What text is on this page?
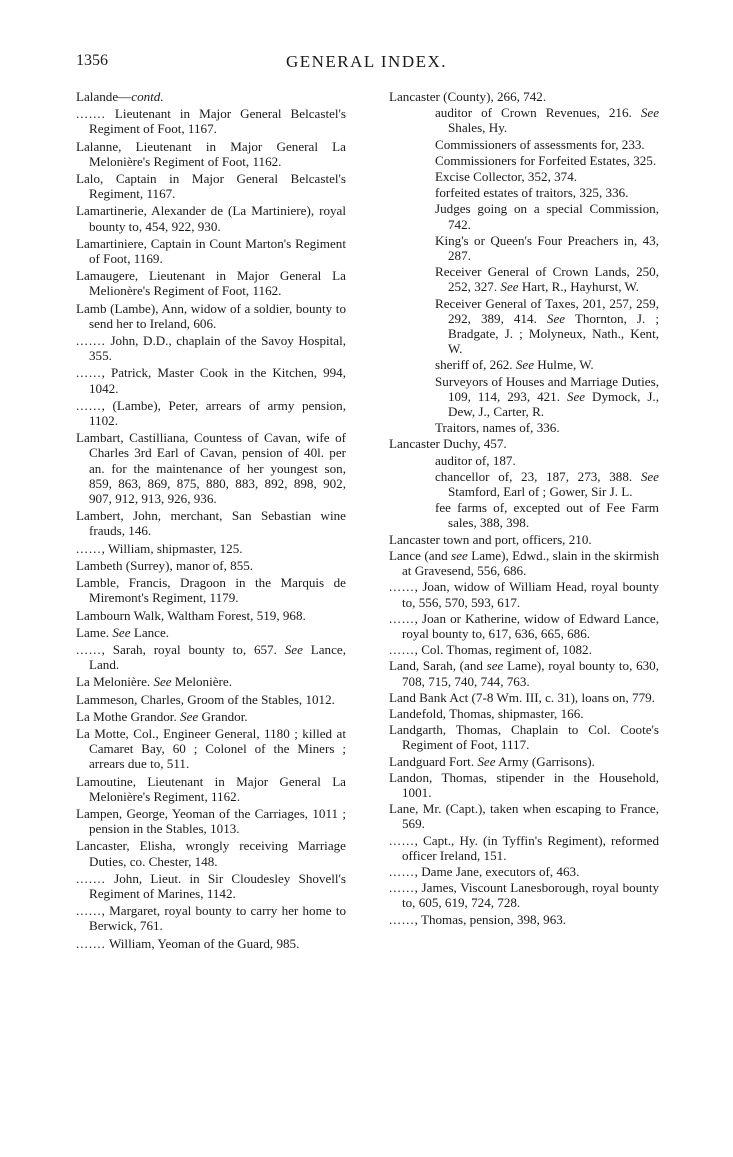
1356	GENERAL INDEX.
Lalande—contd.
....... Lieutenant in Major General Belcastel's Regiment of Foot, 1167.
Lalanne, Lieutenant in Major General La Melonière's Regiment of Foot, 1162.
Lalo, Captain in Major General Belcastel's Regiment, 1167.
Lamartinerie, Alexander de (La Martiniere), royal bounty to, 454, 922, 930.
Lamartiniere, Captain in Count Marton's Regiment of Foot, 1169.
Lamaugere, Lieutenant in Major General La Melionère's Regiment of Foot, 1162.
Lamb (Lambe), Ann, widow of a soldier, bounty to send her to Ireland, 606.
....... John, D.D., chaplain of the Savoy Hospital, 355.
......, Patrick, Master Cook in the Kitchen, 994, 1042.
......, (Lambe), Peter, arrears of army pension, 1102.
Lambart, Castilliana, Countess of Cavan, wife of Charles 3rd Earl of Cavan, pension of 40l. per an. for the maintenance of her youngest son, 859, 863, 869, 875, 880, 883, 892, 898, 902, 907, 912, 913, 926, 936.
Lambert, John, merchant, San Sebastian wine frauds, 146.
......, William, shipmaster, 125.
Lambeth (Surrey), manor of, 855.
Lamble, Francis, Dragoon in the Marquis de Miremont's Regiment, 1179.
Lambourn Walk, Waltham Forest, 519, 968.
Lame. See Lance.
......, Sarah, royal bounty to, 657. See Lance, Land.
La Melonière. See Melonière.
Lammeson, Charles, Groom of the Stables, 1012.
La Mothe Grandor. See Grandor.
La Motte, Col., Engineer General, 1180 ; killed at Camaret Bay, 60 ; Colonel of the Miners ; arrears due to, 511.
Lamoutine, Lieutenant in Major General La Melonière's Regiment, 1162.
Lampen, George, Yeoman of the Carriages, 1011 ; pension in the Stables, 1013.
Lancaster, Elisha, wrongly receiving Marriage Duties, co. Chester, 148.
....... John, Lieut. in Sir Cloudesley Shovell's Regiment of Marines, 1142.
......, Margaret, royal bounty to carry her home to Berwick, 761.
....... William, Yeoman of the Guard, 985.
Lancaster (County), 266, 742.
auditor of Crown Revenues, 216. See Shales, Hy.
Commissioners of assessments for, 233.
Commissioners for Forfeited Estates, 325.
Excise Collector, 352, 374.
forfeited estates of traitors, 325, 336.
Judges going on a special Commission, 742.
King's or Queen's Four Preachers in, 43, 287.
Receiver General of Crown Lands, 250, 252, 327. See Hart, R., Hayhurst, W.
Receiver General of Taxes, 201, 257, 259, 292, 389, 414. See Thornton, J. ; Bradgate, J. ; Molyneux, Nath., Kent, W.
sheriff of, 262. See Hulme, W.
Surveyors of Houses and Marriage Duties, 109, 114, 293, 421. See Dymock, J., Dew, J., Carter, R.
Traitors, names of, 336.
Lancaster Duchy, 457.
auditor of, 187.
chancellor of, 23, 187, 273, 388. See Stamford, Earl of ; Gower, Sir J. L.
fee farms of, excepted out of Fee Farm sales, 388, 398.
Lancaster town and port, officers, 210.
Lance (and see Lame), Edwd., slain in the skirmish at Gravesend, 556, 686.
......, Joan, widow of William Head, royal bounty to, 556, 570, 593, 617.
......, Joan or Katherine, widow of Edward Lance, royal bounty to, 617, 636, 665, 686.
......, Col. Thomas, regiment of, 1082.
Land, Sarah, (and see Lame), royal bounty to, 630, 708, 715, 740, 744, 763.
Land Bank Act (7-8 Wm. III, c. 31), loans on, 779.
Landefold, Thomas, shipmaster, 166.
Landgarth, Thomas, Chaplain to Col. Coote's Regiment of Foot, 1117.
Landguard Fort. See Army (Garrisons).
Landon, Thomas, stipender in the Household, 1001.
Lane, Mr. (Capt.), taken when escaping to France, 569.
......, Capt., Hy. (in Tyffin's Regiment), reformed officer Ireland, 151.
......, Dame Jane, executors of, 463.
......, James, Viscount Lanesborough, royal bounty to, 605, 619, 724, 728.
......, Thomas, pension, 398, 963.
